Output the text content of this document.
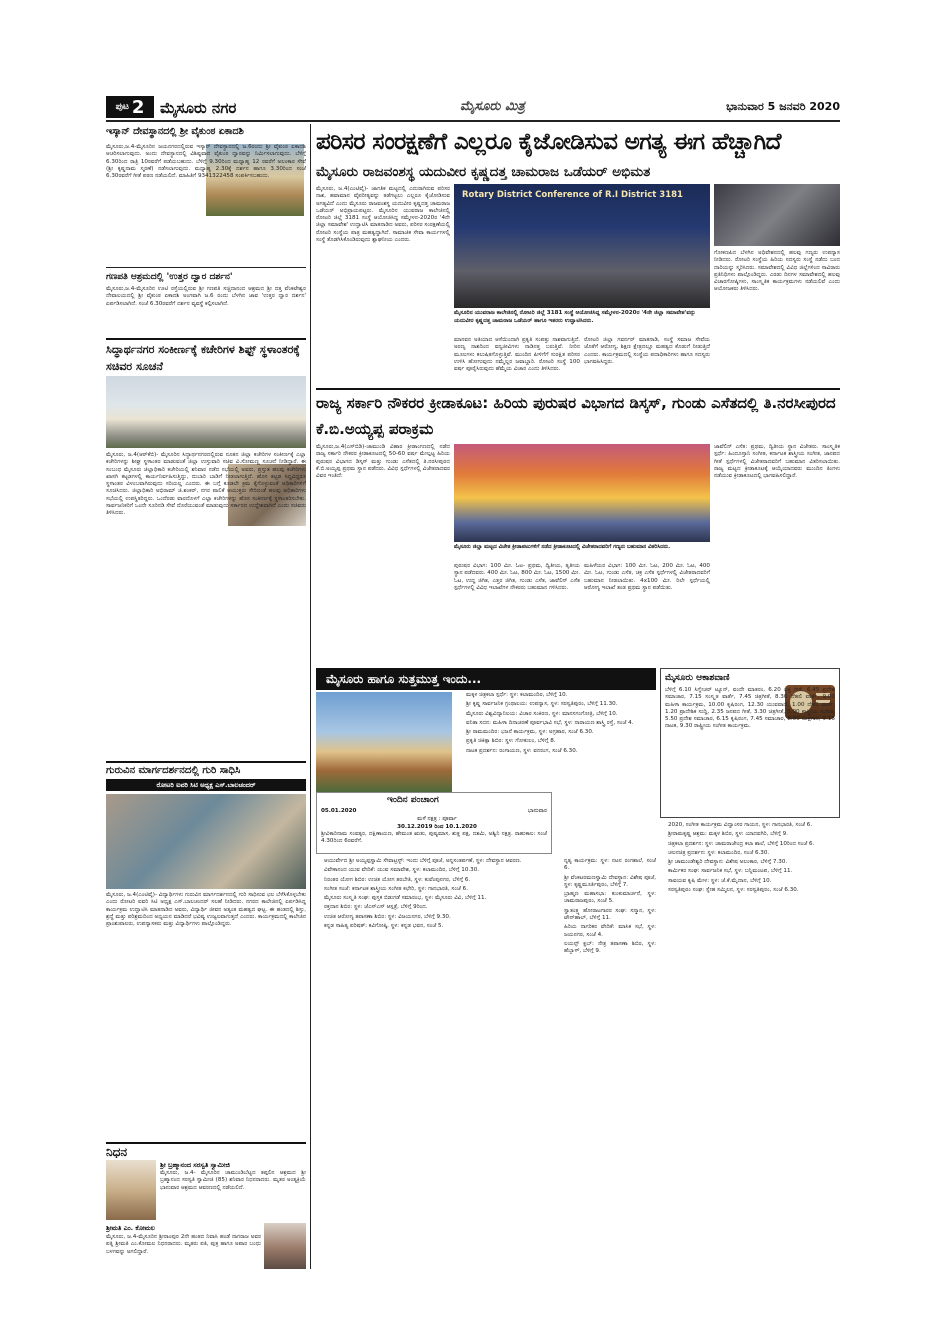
ಪುಟ 2 ಮೈಸೂರು ನಗರ	ಮೈಸೂರು ಮಿತ್ರ	ಭಾನುವಾರ 5 ಜನವರಿ 2020
ಇಸ್ಕಾನ್ ದೇವಸ್ಥಾನದಲ್ಲಿ ಶ್ರೀ ವೈಕುಂಠ ಏಕಾದಶಿ
ಮೈಸೂರು,ಜ.4-ಮೈಸೂರಿನ ಜಯನಗರದಲ್ಲಿರುವ ಇಸ್ಕಾನ್ ದೇವಸ್ಥಾನದಲ್ಲಿ ಜ.6ರಂದು ಶ್ರೀ ವೈಕುಂಠ ಏಕಾದಶಿ ಆಚರಿಸಲಾಗುವುದು. ಅಂದು ದೇವಸ್ಥಾನದಲ್ಲಿ ವಿಶಿಷ್ಟವಾದ ವೈಕುಂಠ ದ್ವಾರವನ್ನು ನಿರ್ಮಿಸಲಾಗುವುದು. ಬೆಳಿಗ್ಗೆ 6.30ರಿಂದ ರಾತ್ರಿ 10ರವರೆಗೆ ಪಡೆಯಬಹುದು. ಬೆಳಿಗ್ಗೆ 9.30ರಿಂದ ಮಧ್ಯಾಹ್ನ 12 ರವರೆಗೆ ಅಲಂಕಾರ ಸೇವೆ (ಶ್ರೀ ಕೃಷ್ಣನಾಮ ಸ್ಮರಣೆ) ನಡೆಸಲಾಗುವುದು. ಮಧ್ಯಾಹ್ನ 2.30ಕ್ಕೆ ದರ್ಶನ ಹಾಗೂ 3.30ರಿಂದ ಸಂಜೆ 6.30ರವರೆಗೆ ಗೀತೆ ಪಠಣ ನಡೆಯಲಿದೆ. ಮಾಹಿತಿಗೆ 9341322458 ಸಂಪರ್ಕಿಸಬಹುದು.
ಗಣಪತಿ ಆಶ್ರಮದಲ್ಲಿ 'ಉತ್ತರ ದ್ವಾರ ದರ್ಶನ'
ಮೈಸೂರು,ಜ.4-ಮೈಸೂರಿನ ಊಟಿ ರಸ್ತೆಯಲ್ಲಿರುವ ಶ್ರೀ ಗಣಪತಿ ಸಚ್ಚಿದಾನಂದ ಆಶ್ರಮದ ಶ್ರೀ ದತ್ತ ವೆಂಕಟೇಶ್ವರ ದೇವಾಲಯದಲ್ಲಿ ಶ್ರೀ ವೈಕುಂಠ ಏಕಾದಶಿ ಅಂಗವಾಗಿ ಜ.6 ರಂದು ಬೆಳಗಿನ ಜಾವ 'ಉತ್ತರ ದ್ವಾರ ದರ್ಶನ' ಏರ್ಪಡಿಸಲಾಗಿದೆ. ಸಂಜೆ 6.30ರವರೆಗೆ ದರ್ಶನ ವ್ಯವಸ್ಥೆ ಕಲ್ಪಿಸಲಾಗಿದೆ.
ಸಿದ್ಧಾರ್ಥನಗರ ಸಂಕೀರ್ಣಕ್ಕೆ ಕಚೇರಿಗಳ ಶಿಫ್ಟ್ ಸ್ಥಳಾಂತರಕ್ಕೆ ಸಚಿವರ ಸೂಚನೆ
ಮೈಸೂರು, ಜ.4(ಆರ್‌ಕೆಬಿ)- ಮೈಸೂರಿನ ಸಿದ್ಧಾರ್ಥನಗರದಲ್ಲಿರುವ ನೂತನ ಜಿಲ್ಲಾ ಕಚೇರಿಗಳ ಸಂಕೀರ್ಣಕ್ಕೆ ಎಲ್ಲಾ ಕಚೇರಿಗಳನ್ನು ಶೀಘ್ರ ಸ್ಥಳಾಂತರ ಮಾಡುವಂತೆ ಜಿಲ್ಲಾ ಉಸ್ತುವಾರಿ ಸಚಿವ ವಿ.ಸೋಮಣ್ಣ ಸೂಚನೆ ನೀಡಿದ್ದಾರೆ. ಈ ಸಂಬಂಧ ಮೈಸೂರು ಜಿಲ್ಲಾಧಿಕಾರಿ ಕಚೇರಿಯಲ್ಲಿ ಶನಿವಾರ ನಡೆದ ಸಭೆಯಲ್ಲಿ ಅವರು, ಪ್ರಸ್ತುತ ಹಲವು ಕಚೇರಿಗಳು ಖಾಸಗಿ ಕಟ್ಟಡಗಳಲ್ಲಿ ಕಾರ್ಯನಿರ್ವಹಿಸುತ್ತಿದ್ದು, ದುಬಾರಿ ಬಾಡಿಗೆ ನೀಡಲಾಗುತ್ತಿದೆ. ಹೊಸ ಕಟ್ಟಡ ಸಿದ್ಧವಿದ್ದರೂ ಸ್ಥಳಾಂತರ ವಿಳಂಬವಾಗಿರುವುದು ಸರಿಯಲ್ಲ ಎಂದರು. ಈ ಬಗ್ಗೆ ಕೂಡಲೇ ಕ್ರಮ ಕೈಗೊಳ್ಳುವಂತೆ ಅಧಿಕಾರಿಗಳಿಗೆ ಸೂಚಿಸಿದರು. ಜಿಲ್ಲಾಧಿಕಾರಿ ಅಭಿರಾಮ್ ಜಿ.ಶಂಕರ್, ನಗರ ಪಾಲಿಕೆ ಆಯುಕ್ತರು ಸೇರಿದಂತೆ ಹಲವು ಅಧಿಕಾರಿಗಳು ಸಭೆಯಲ್ಲಿ ಉಪಸ್ಥಿತರಿದ್ದರು. ಒಂದೆರಡು ವಾರದೊಳಗೆ ಎಲ್ಲಾ ಕಚೇರಿಗಳನ್ನು ಹೊಸ ಸಂಕೀರ್ಣಕ್ಕೆ ಸ್ಥಳಾಂತರಿಸಬೇಕು. ಸಾರ್ವಜನಿಕರಿಗೆ ಒಂದೇ ಸೂರಿನಡಿ ಸೇವೆ ದೊರೆಯುವಂತೆ ಮಾಡುವುದು ಸರ್ಕಾರದ ಉದ್ದೇಶವಾಗಿದೆ ಎಂದು ಸಚಿವರು ತಿಳಿಸಿದರು.
ಗುರುವಿನ ಮಾರ್ಗದರ್ಶನದಲ್ಲಿ ಗುರಿ ಸಾಧಿಸಿ
ರೋಟರಿ ಐವರಿ ಸಿಟಿ ಅಧ್ಯಕ್ಷ ಎಸ್.ಬಾಲಚಂದರ್
ಮೈಸೂರು, ಜ.4(ಎಂಟಿವೈ)- ವಿದ್ಯಾರ್ಥಿಗಳು ಗುರುವಿನ ಮಾರ್ಗದರ್ಶನದಲ್ಲಿ ಗುರಿ ಸಾಧಿಸುವ ಛಲ ಬೆಳೆಸಿಕೊಳ್ಳಬೇಕು ಎಂದು ರೋಟರಿ ಐವರಿ ಸಿಟಿ ಅಧ್ಯಕ್ಷ ಎಸ್.ಬಾಲಚಂದರ್ ಸಲಹೆ ನೀಡಿದರು. ನಗರದ ಕಾಲೇಜಿನಲ್ಲಿ ಏರ್ಪಡಿಸಿದ್ದ ಕಾರ್ಯಕ್ರಮ ಉದ್ಘಾಟಿಸಿ ಮಾತನಾಡಿದ ಅವರು, ವಿದ್ಯಾರ್ಥಿ ಜೀವನ ಅತ್ಯಂತ ಮಹತ್ವದ ಘಟ್ಟ. ಈ ಹಂತದಲ್ಲಿ ಶಿಸ್ತು, ಶ್ರದ್ಧೆ ಮತ್ತು ಪರಿಶ್ರಮದಿಂದ ಅಧ್ಯಯನ ಮಾಡಿದರೆ ಭವಿಷ್ಯ ಉಜ್ವಲವಾಗುತ್ತದೆ ಎಂದರು. ಕಾರ್ಯಕ್ರಮದಲ್ಲಿ ಕಾಲೇಜಿನ ಪ್ರಾಂಶುಪಾಲರು, ಉಪನ್ಯಾಸಕರು ಮತ್ತು ವಿದ್ಯಾರ್ಥಿಗಳು ಪಾಲ್ಗೊಂಡಿದ್ದರು.
ನಿಧನ
ಶ್ರೀ ಬ್ರಹ್ಮಾನಂದ ಸರಸ್ವತಿ ಸ್ವಾಮೀಜಿ
ಮೈಸೂರು, ಜ.4- ಮೈಸೂರಿನ ಚಾಮುಂಡಿಬೆಟ್ಟದ ತಪ್ಪಲಿನ ಆಶ್ರಮದ ಶ್ರೀ ಬ್ರಹ್ಮಾನಂದ ಸರಸ್ವತಿ ಸ್ವಾಮೀಜಿ (85) ಶನಿವಾರ ನಿಧನರಾದರು. ಮೃತರ ಅಂತ್ಯಕ್ರಿಯೆ ಭಾನುವಾರ ಆಶ್ರಮದ ಆವರಣದಲ್ಲಿ ನಡೆಯಲಿದೆ.
ಶ್ರೀಮತಿ ಎಂ. ಕೋಮಲ
ಮೈಸೂರು, ಜ.4-ಮೈಸೂರಿನ ಶ್ರೀರಾಂಪುರ 2ನೇ ಹಂತದ ನಿವಾಸಿ ಹಂಡೆ ನಾಗರಾಜ ಅವರ ಪತ್ನಿ ಶ್ರೀಮತಿ ಎಂ.ಕೋಮಲ ನಿಧನರಾದರು. ಮೃತರು ಪತಿ, ಪುತ್ರ ಹಾಗೂ ಅಪಾರ ಬಂಧು ಬಳಗವನ್ನು ಅಗಲಿದ್ದಾರೆ.
ಪರಿಸರ ಸಂರಕ್ಷಣೆಗೆ ಎಲ್ಲರೂ ಕೈಜೋಡಿಸುವ ಅಗತ್ಯ ಈಗ ಹೆಚ್ಚಾಗಿದೆ
ಮೈಸೂರು ರಾಜವಂಶಸ್ಥ ಯದುವೀರ ಕೃಷ್ಣದತ್ತ ಚಾಮರಾಜ ಒಡೆಯರ್ ಅಭಿಮತ
ಮೈಸೂರು, ಜ.4(ಎಂಟಿವೈ)- ಜಾಗತಿಕ ಮಟ್ಟದಲ್ಲಿ ಎದುರಾಗಿರುವ ಪರಿಸರ ನಾಶ, ಹವಾಮಾನ ವೈಪರೀತ್ಯವನ್ನು ತಡೆಗಟ್ಟಲು ಎಲ್ಲರೂ ಕೈಜೋಡಿಸುವ ಅಗತ್ಯವಿದೆ ಎಂದು ಮೈಸೂರು ರಾಜವಂಶಸ್ಥ ಯದುವೀರ ಕೃಷ್ಣದತ್ತ ಚಾಮರಾಜ ಒಡೆಯರ್ ಅಭಿಪ್ರಾಯಪಟ್ಟರು. ಮೈಸೂರಿನ ಯುವರಾಜ ಕಾಲೇಜಿನಲ್ಲಿ ರೋಟರಿ ಜಿಲ್ಲೆ 3181 ಸಂಸ್ಥೆ ಆಯೋಜಿಸಿದ್ದ ಸಮ್ಮೇಳನ-2020ರ '4ನೇ ಜಿಲ್ಲಾ ಸಮಾವೇಶ' ಉದ್ಘಾಟಿಸಿ ಮಾತನಾಡಿದ ಅವರು, ಪರಿಸರ ಸಂರಕ್ಷಣೆಯಲ್ಲಿ ರೋಟರಿ ಸಂಸ್ಥೆಯ ಪಾತ್ರ ಮಹತ್ವದ್ದಾಗಿದೆ. ಸಾಮಾಜಿಕ ಸೇವಾ ಕಾರ್ಯಗಳಲ್ಲಿ ಸಂಸ್ಥೆ ತೊಡಗಿಸಿಕೊಂಡಿರುವುದು ಶ್ಲಾಘನೀಯ ಎಂದರು.
Rotary District Conference of R.I District 3181
ಮೈಸೂರಿನ ಯುವರಾಜ ಕಾಲೇಜಿನಲ್ಲಿ ರೋಟರಿ ಜಿಲ್ಲೆ 3181 ಸಂಸ್ಥೆ ಆಯೋಜಿಸಿದ್ದ ಸಮ್ಮೇಳನ-2020ರ '4ನೇ ಜಿಲ್ಲಾ ಸಮಾವೇಶ'ವನ್ನು ಯದುವೀರ ಕೃಷ್ಣದತ್ತ ಚಾಮರಾಜ ಒಡೆಯರ್ ಹಾಗೂ ಇತರರು ಉದ್ಘಾಟಿಸಿದರು.
ಗೋಕಣಪಿದ ಬೆಳಗಿನ ಅಧಿವೇಶನದಲ್ಲಿ ಹಲವು ಗಣ್ಯರು ಉಪನ್ಯಾಸ ನೀಡಿದರು. ರೋಟರಿ ಸಂಸ್ಥೆಯ ಹಿರಿಯ ಸದಸ್ಯರು ಸಂಸ್ಥೆ ನಡೆದು ಬಂದ ದಾರಿಯನ್ನು ಸ್ಮರಿಸಿದರು. ಸಮಾವೇಶದಲ್ಲಿ ವಿವಿಧ ಜಿಲ್ಲೆಗಳಿಂದ ಸಾವಿರಾರು ಪ್ರತಿನಿಧಿಗಳು ಪಾಲ್ಗೊಂಡಿದ್ದರು. ಎರಡು ದಿನಗಳ ಸಮಾವೇಶದಲ್ಲಿ ಹಲವು ವಿಚಾರಗೋಷ್ಠಿಗಳು, ಸಾಂಸ್ಕೃತಿಕ ಕಾರ್ಯಕ್ರಮಗಳು ನಡೆಯಲಿವೆ ಎಂದು ಆಯೋಜಕರು ತಿಳಿಸಿದರು.
ಮಾನವನ ಅತಿಯಾದ ಆಸೆಯಿಂದಾಗಿ ಪ್ರಕೃತಿ ಸಂಪತ್ತು ನಾಶವಾಗುತ್ತಿದೆ. ಅರಣ್ಯ ನಾಶದಿಂದ ವನ್ಯಜೀವಿಗಳು ನಾಡಿನತ್ತ ಬರುತ್ತಿವೆ. ನೀರಿನ ಮೂಲಗಳು ಕಲುಷಿತಗೊಳ್ಳುತ್ತಿವೆ. ಮುಂದಿನ ಪೀಳಿಗೆಗೆ ಸುರಕ್ಷಿತ ಪರಿಸರ ಉಳಿಸಿ ಹೋಗುವುದು ನಮ್ಮೆಲ್ಲರ ಜವಾಬ್ದಾರಿ. ರೋಟರಿ ಸಂಸ್ಥೆ 100 ವರ್ಷ ಪೂರೈಸಿರುವುದು ಹೆಮ್ಮೆಯ ವಿಚಾರ ಎಂದು ತಿಳಿಸಿದರು.
ರೋಟರಿ ಜಿಲ್ಲಾ ಗವರ್ನರ್ ಮಾತನಾಡಿ, ಸಂಸ್ಥೆ ಸಮಾಜ ಸೇವೆಯ ಜೊತೆಗೆ ಆರೋಗ್ಯ, ಶಿಕ್ಷಣ ಕ್ಷೇತ್ರದಲ್ಲೂ ಮಹತ್ವದ ಕೊಡುಗೆ ನೀಡುತ್ತಿದೆ ಎಂದರು. ಕಾರ್ಯಕ್ರಮದಲ್ಲಿ ಸಂಸ್ಥೆಯ ಪದಾಧಿಕಾರಿಗಳು ಹಾಗೂ ಸದಸ್ಯರು ಭಾಗವಹಿಸಿದ್ದರು.
ರಾಜ್ಯ ಸರ್ಕಾರಿ ನೌಕರರ ಕ್ರೀಡಾಕೂಟ: ಹಿರಿಯ ಪುರುಷರ ವಿಭಾಗದ ಡಿಸ್ಕಸ್, ಗುಂಡು ಎಸೆತದಲ್ಲಿ ತಿ.ನರಸೀಪುರದ ಕೆ.ಬಿ.ಅಯ್ಯಪ್ಪ ಪರಾಕ್ರಮ
ಮೈಸೂರು,ಜ.4(ಎಸ್‌ಬಿಡಿ)-ಚಾಮುಂಡಿ ವಿಹಾರ ಕ್ರೀಡಾಂಗಣದಲ್ಲಿ ನಡೆದ ರಾಜ್ಯ ಸರ್ಕಾರಿ ನೌಕರರ ಕ್ರೀಡಾಕೂಟದಲ್ಲಿ 50-60 ವರ್ಷ ಮೇಲ್ಪಟ್ಟ ಹಿರಿಯ ಪುರುಷರ ವಿಭಾಗದ ಡಿಸ್ಕಸ್ ಮತ್ತು ಗುಂಡು ಎಸೆತದಲ್ಲಿ ತಿ.ನರಸೀಪುರದ ಕೆ.ಬಿ.ಅಯ್ಯಪ್ಪ ಪ್ರಥಮ ಸ್ಥಾನ ಪಡೆದರು. ವಿವಿಧ ಸ್ಪರ್ಧೆಗಳಲ್ಲಿ ವಿಜೇತರಾದವರ ವಿವರ ಇಂತಿದೆ:
ಮೈಸೂರು ಜಿಲ್ಲಾ ಮಟ್ಟದ ವಿಜೇತ ಕ್ರೀಡಾಪಟುಗಳಿಗೆ ನಡೆದ ಕ್ರೀಡಾಕೂಟದಲ್ಲಿ ವಿಜೇತರಾದವರಿಗೆ ಗಣ್ಯರು ಬಹುಮಾನ ವಿತರಿಸಿದರು.
ಪುರುಷರ ವಿಭಾಗ: 100 ಮೀ. ಓಟ- ಪ್ರಥಮ, ದ್ವಿತೀಯ, ತೃತೀಯ ಸ್ಥಾನ ಪಡೆದವರು. 400 ಮೀ. ಓಟ, 800 ಮೀ. ಓಟ, 1500 ಮೀ. ಓಟ, ಉದ್ದ ಜಿಗಿತ, ಎತ್ತರ ಜಿಗಿತ, ಗುಂಡು ಎಸೆತ, ಜಾವೆಲಿನ್ ಎಸೆತ ಸ್ಪರ್ಧೆಗಳಲ್ಲಿ ವಿವಿಧ ಇಲಾಖೆಗಳ ನೌಕರರು ಬಹುಮಾನ ಗಳಿಸಿದರು.
ಮಹಿಳೆಯರ ವಿಭಾಗ: 100 ಮೀ. ಓಟ, 200 ಮೀ. ಓಟ, 400 ಮೀ. ಓಟ, ಗುಂಡು ಎಸೆತ, ಚಕ್ರ ಎಸೆತ ಸ್ಪರ್ಧೆಗಳಲ್ಲಿ ವಿಜೇತರಾದವರಿಗೆ ಬಹುಮಾನ ನೀಡಲಾಯಿತು. 4x100 ಮೀ. ರಿಲೇ ಸ್ಪರ್ಧೆಯಲ್ಲಿ ಆರೋಗ್ಯ ಇಲಾಖೆ ತಂಡ ಪ್ರಥಮ ಸ್ಥಾನ ಪಡೆಯಿತು.
ಜಾವೆಲಿನ್ ಎಸೆತ: ಪ್ರಥಮ, ದ್ವಿತೀಯ ಸ್ಥಾನ ವಿಜೇತರು. ಸಾಂಸ್ಕೃತಿಕ ಸ್ಪರ್ಧೆ: ಹಿಂದೂಸ್ತಾನಿ ಸಂಗೀತ, ಕರ್ನಾಟಕ ಶಾಸ್ತ್ರೀಯ ಸಂಗೀತ, ಜಾನಪದ ಗೀತೆ ಸ್ಪರ್ಧೆಗಳಲ್ಲಿ ವಿಜೇತರಾದವರಿಗೆ ಬಹುಮಾನ ವಿತರಿಸಲಾಯಿತು. ರಾಜ್ಯ ಮಟ್ಟದ ಕ್ರೀಡಾಕೂಟಕ್ಕೆ ಆಯ್ಕೆಯಾದವರು ಮುಂದಿನ ತಿಂಗಳು ನಡೆಯುವ ಕ್ರೀಡಾಕೂಟದಲ್ಲಿ ಭಾಗವಹಿಸಲಿದ್ದಾರೆ.
ಮೈಸೂರು ಹಾಗೂ ಸುತ್ತಮುತ್ತ ಇಂದು...
ಇಂದಿನ ಪಂಚಾಂಗ
05.01.2020	ಭಾನುವಾರ
ಮಳೆ ನಕ್ಷತ್ರ : ಪೂರ್ವಾ
30.12.2019 ರಿಂದ 10.1.2020
ಶ್ರೀವಿಕಾರಿನಾಮ ಸಂವತ್ಸರ, ದಕ್ಷಿಣಾಯಣ, ಹೇಮಂತ ಋತು, ಪುಷ್ಯಮಾಸ, ಶುಕ್ಲ ಪಕ್ಷ, ದಶಮಿ, ಅಶ್ವಿನಿ ನಕ್ಷತ್ರ. ರಾಹುಕಾಲ: ಸಂಜೆ 4.30ರಿಂದ 6ರವರೆಗೆ.
• ಆಯುರ್ವೇದ ಶ್ರೀ ಅಯ್ಯಪ್ಪಸ್ವಾಮಿ ಸೇವಾಟ್ರಸ್ಟ್: ಇಂದು ಬೆಳಿಗ್ಗೆ ಪೂಜೆ, ಅನ್ನಸಂತರ್ಪಣೆ, ಸ್ಥಳ: ದೇವಸ್ಥಾನ ಆವರಣ.
• ವಿವೇಕಾನಂದ ಯುವ ವೇದಿಕೆ: ಯುವ ಸಮಾವೇಶ, ಸ್ಥಳ: ಕಲಾಮಂದಿರ, ಬೆಳಿಗ್ಗೆ 10.30.
• ನಿರಂತರ ಯೋಗ ಶಿಬಿರ: ಉಚಿತ ಯೋಗ ತರಬೇತಿ, ಸ್ಥಳ: ಕುವೆಂಪುನಗರ, ಬೆಳಿಗ್ಗೆ 6.
• ಸಂಗೀತ ಸಂಜೆ: ಕರ್ನಾಟಕ ಶಾಸ್ತ್ರೀಯ ಸಂಗೀತ ಕಛೇರಿ, ಸ್ಥಳ: ಗಾನಭಾರತಿ, ಸಂಜೆ 6.
• ಮೈಸೂರು ಸಂಸ್ಕೃತಿ ಸಂಘ: ಪುಸ್ತಕ ಬಿಡುಗಡೆ ಸಮಾರಂಭ, ಸ್ಥಳ: ಮೈಸೂರು ವಿವಿ, ಬೆಳಿಗ್ಗೆ 11.
• ರಕ್ತದಾನ ಶಿಬಿರ: ಸ್ಥಳ: ಜೆಎಸ್‌ಎಸ್ ಆಸ್ಪತ್ರೆ, ಬೆಳಿಗ್ಗೆ 9ರಿಂದ.
• ಉಚಿತ ಆರೋಗ್ಯ ತಪಾಸಣಾ ಶಿಬಿರ: ಸ್ಥಳ: ವಿಜಯನಗರ, ಬೆಳಿಗ್ಗೆ 9.30.
• ಕನ್ನಡ ಸಾಹಿತ್ಯ ಪರಿಷತ್: ಕವಿಗೋಷ್ಠಿ, ಸ್ಥಳ: ಕನ್ನಡ ಭವನ, ಸಂಜೆ 5.
• ಮಕ್ಕಳ ಚಿತ್ರಕಲಾ ಸ್ಪರ್ಧೆ: ಸ್ಥಳ: ಕಲಾಮಂದಿರ, ಬೆಳಿಗ್ಗೆ 10.
• ಶ್ರೀ ಕೃಷ್ಣ ಸಾರ್ವಜನಿಕ ಗ್ರಂಥಾಲಯ: ಉಪನ್ಯಾಸ, ಸ್ಥಳ: ಸರಸ್ವತಿಪುರಂ, ಬೆಳಿಗ್ಗೆ 11.30.
• ಮೈಸೂರು ವಿಶ್ವವಿದ್ಯಾನಿಲಯ: ವಿಚಾರ ಸಂಕಿರಣ, ಸ್ಥಳ: ಮಾನಸಗಂಗೋತ್ರಿ, ಬೆಳಿಗ್ಗೆ 10.
• ವನಿತಾ ಸದನ: ಮಹಿಳಾ ದಿನಾಚರಣೆ ಪೂರ್ವಭಾವಿ ಸಭೆ, ಸ್ಥಳ: ನಾರಾಯಣ ಶಾಸ್ತ್ರಿ ರಸ್ತೆ, ಸಂಜೆ 4.
• ಶ್ರೀ ರಾಮಮಂದಿರ: ಭಜನೆ ಕಾರ್ಯಕ್ರಮ, ಸ್ಥಳ: ಅಗ್ರಹಾರ, ಸಂಜೆ 6.30.
• ಪ್ರಕೃತಿ ಚಿಕಿತ್ಸಾ ಶಿಬಿರ: ಸ್ಥಳ: ಗೋಕುಲಂ, ಬೆಳಿಗ್ಗೆ 8.
• ನಾಟಕ ಪ್ರದರ್ಶನ: ರಂಗಾಯಣ, ಸ್ಥಳ: ವನರಂಗ, ಸಂಜೆ 6.30.
• ನೃತ್ಯ ಕಾರ್ಯಕ್ರಮ: ಸ್ಥಳ: ನಟನ ರಂಗಶಾಲೆ, ಸಂಜೆ 6.
• ಶ್ರೀ ವೆಂಕಟರಮಣಸ್ವಾಮಿ ದೇವಸ್ಥಾನ: ವಿಶೇಷ ಪೂಜೆ, ಸ್ಥಳ: ಕೃಷ್ಣಮೂರ್ತಿಪುರಂ, ಬೆಳಿಗ್ಗೆ 7.
• ಬ್ರಾಹ್ಮಣ ಮಹಾಸಭಾ: ಕುಂಕುಮಾರ್ಚನೆ, ಸ್ಥಳ: ಚಾಮರಾಜಪುರಂ, ಸಂಜೆ 5.
• ಸ್ವಾತಂತ್ರ್ಯ ಹೋರಾಟಗಾರರ ಸಂಘ: ಸನ್ಮಾನ, ಸ್ಥಳ: ಟೌನ್‌ಹಾಲ್, ಬೆಳಿಗ್ಗೆ 11.
• ಹಿರಿಯ ನಾಗರಿಕರ ವೇದಿಕೆ: ಮಾಸಿಕ ಸಭೆ, ಸ್ಥಳ: ಜಯನಗರ, ಸಂಜೆ 4.
• ಲಯನ್ಸ್ ಕ್ಲಬ್: ನೇತ್ರ ತಪಾಸಣಾ ಶಿಬಿರ, ಸ್ಥಳ: ಹೆಬ್ಬಾಳ್, ಬೆಳಿಗ್ಗೆ 9.
ಮೈಸೂರು ಆಕಾಶವಾಣಿ
ಬೆಳಿಗ್ಗೆ 6.10 ಸಿಗ್ನೇಚರ್ ಟ್ಯೂನ್, ವಂದೇ ಮಾತರಂ, 6.20 ಭಕ್ತಿ ಗೀತೆ, 6.45 ಪ್ರದೇಶ ಸಮಾಚಾರ, 7.15 ಸಂಸ್ಕೃತ ವಾರ್ತೆ, 7.45 ಚಿತ್ರಗೀತೆ, 8.30 ದೆಹಲಿ ವಾರ್ತೆ, 9.00 ಮಹಿಳಾ ಕಾರ್ಯಕ್ರಮ, 10.00 ಕೃಷಿರಂಗ, 12.30 ಯುವವಾಣಿ, 1.00 ದೆಹಲಿ ವಾರ್ತೆ, 1.20 ಪ್ರಾದೇಶಿಕ ಸುದ್ದಿ, 2.35 ಜನಪದ ಗೀತೆ, 3.30 ಚಿತ್ರಗೀತೆ, 5.00 ಶಾಸ್ತ್ರೀಯ ಸಂಗೀತ, 5.50 ಪ್ರದೇಶ ಸಮಾಚಾರ, 6.15 ಕೃಷಿರಂಗ, 7.45 ಸಮಾಚಾರ, 8.00 ಯಕ್ಷಗಾನ, 9.15 ನಾಟಕ, 9.30 ರಾಷ್ಟ್ರೀಯ ಸಂಗೀತ ಕಾರ್ಯಕ್ರಮ.
• 2020, ಸಂಗೀತ ಕಾರ್ಯಕ್ರಮ ವಿದ್ವಾಂಸರ ಗಾಯನ, ಸ್ಥಳ: ಗಾನಭಾರತಿ, ಸಂಜೆ 6.
• ಶ್ರೀರಾಮಕೃಷ್ಣ ಆಶ್ರಮ: ಮಕ್ಕಳ ಶಿಬಿರ, ಸ್ಥಳ: ಯಾದವಗಿರಿ, ಬೆಳಿಗ್ಗೆ 9.
• ಚಿತ್ರಕಲಾ ಪ್ರದರ್ಶನ: ಸ್ಥಳ: ಚಾಮರಾಜೇಂದ್ರ ಕಲಾ ಶಾಲೆ, ಬೆಳಿಗ್ಗೆ 10ರಿಂದ ಸಂಜೆ 6.
• ಚಲನಚಿತ್ರ ಪ್ರದರ್ಶನ: ಸ್ಥಳ: ಕಲಾಮಂದಿರ, ಸಂಜೆ 6.30.
• ಶ್ರೀ ಚಾಮುಂಡೇಶ್ವರಿ ದೇವಸ್ಥಾನ: ವಿಶೇಷ ಅಲಂಕಾರ, ಬೆಳಿಗ್ಗೆ 7.30.
• ಕಾರ್ಮಿಕರ ಸಂಘ: ಸಾರ್ವಜನಿಕ ಸಭೆ, ಸ್ಥಳ: ಬನ್ನಿಮಂಟಪ, ಬೆಳಿಗ್ಗೆ 11.
• ಸಾವಯವ ಕೃಷಿ ಮೇಳ: ಸ್ಥಳ: ಜೆ.ಕೆ.ಮೈದಾನ, ಬೆಳಿಗ್ಗೆ 10.
• ಸರಸ್ವತಿಪುರಂ ಸಂಘ: ಸ್ನೇಹ ಸಮ್ಮಿಲನ, ಸ್ಥಳ: ಸರಸ್ವತಿಪುರಂ, ಸಂಜೆ 6.30.
